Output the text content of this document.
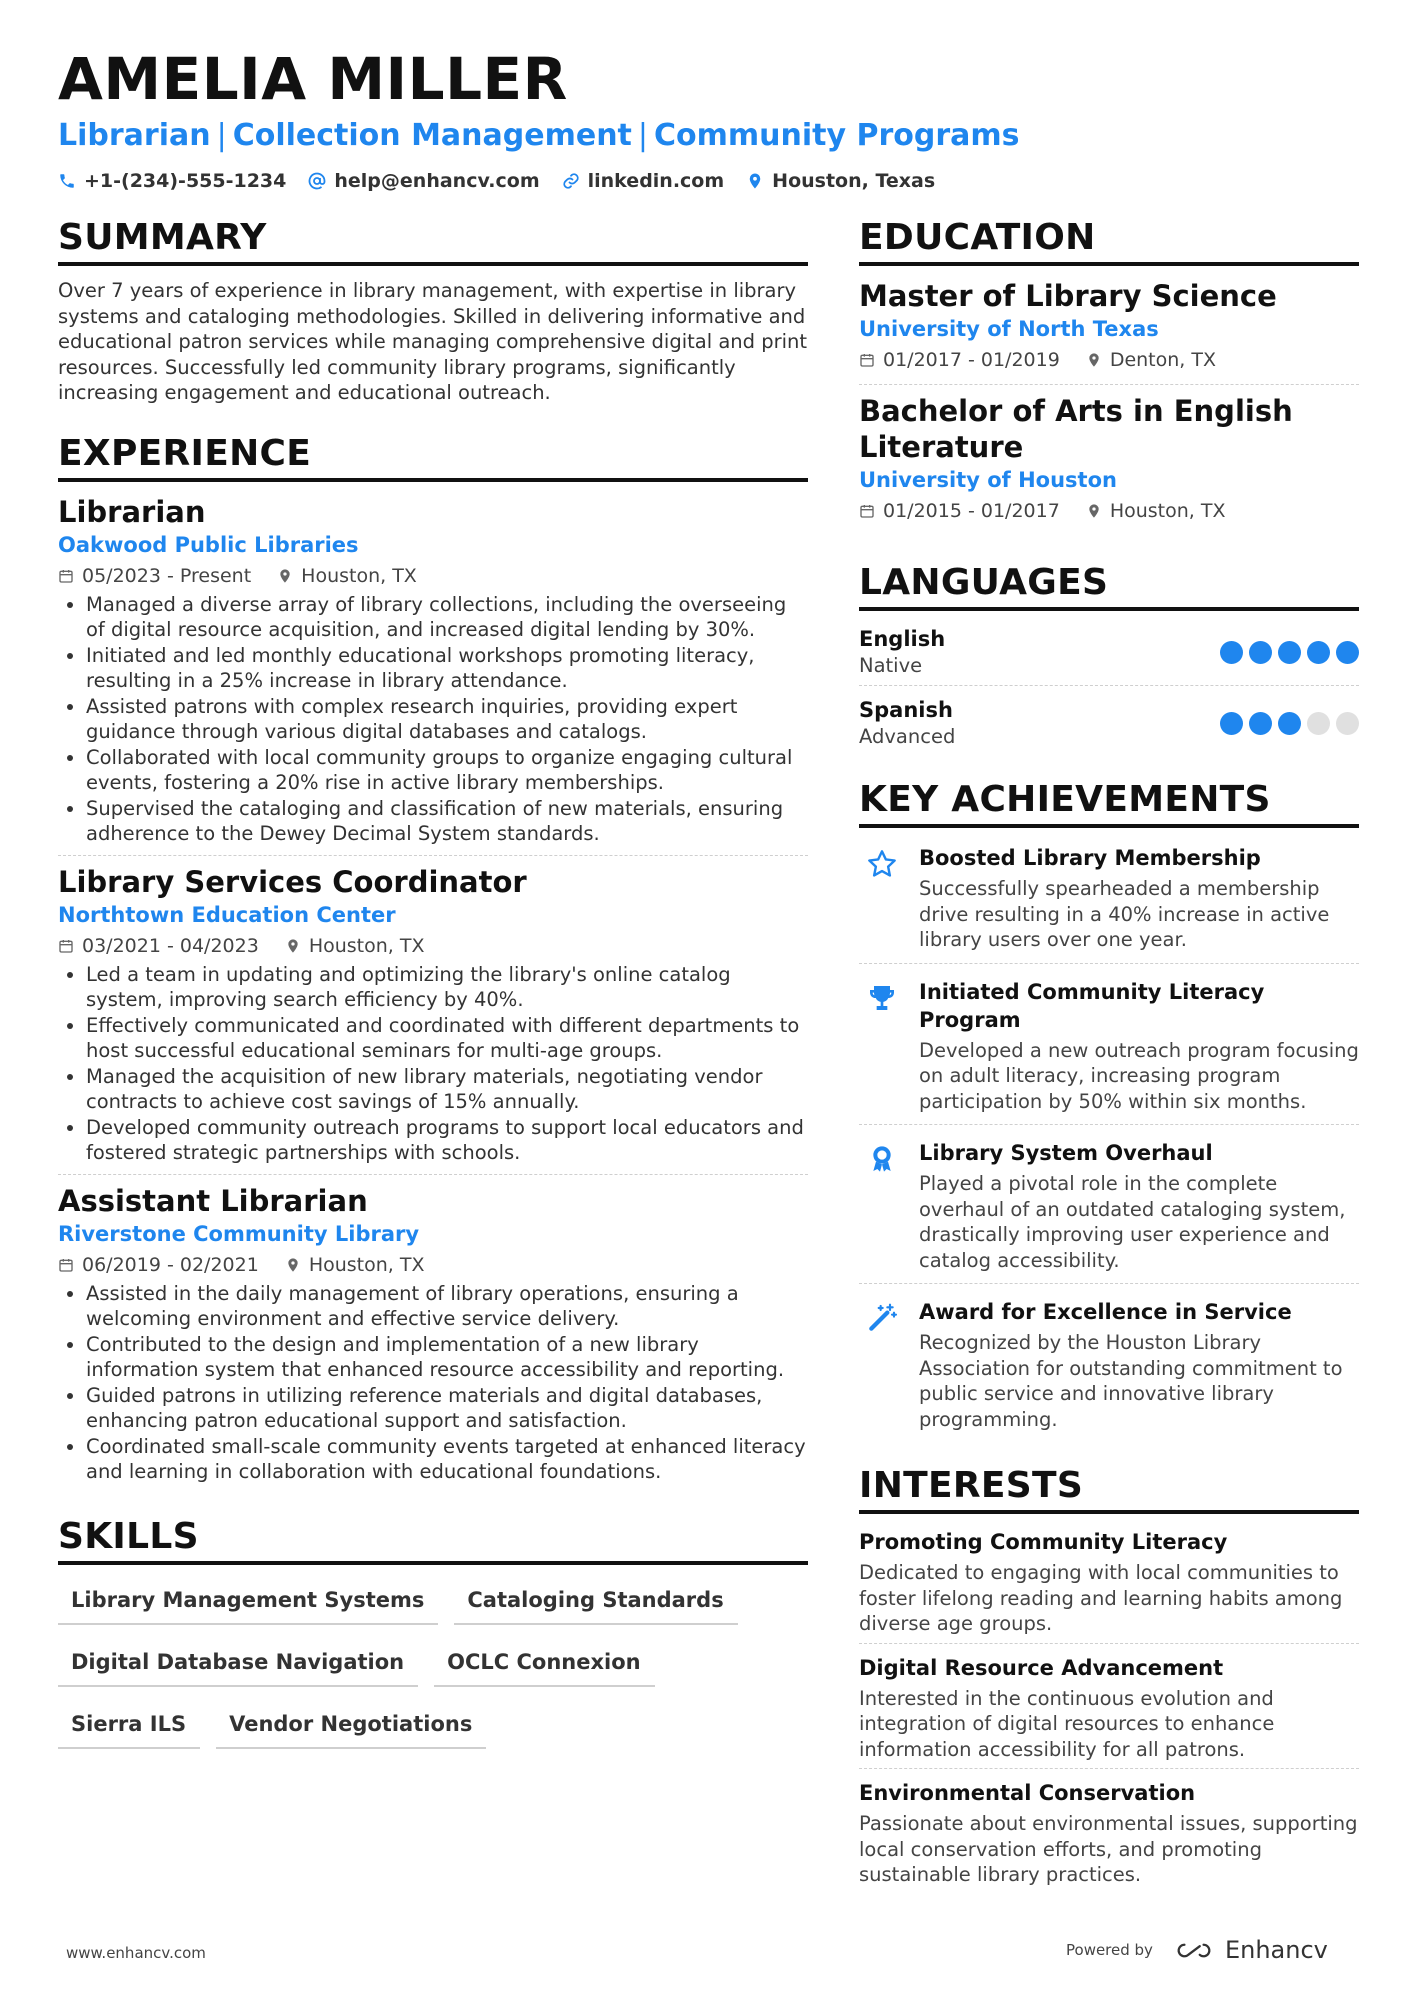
AMELIA MILLER
Librarian | Collection Management | Community Programs
+1-(234)-555-1234	help@enhancv.com	linkedin.com	Houston, Texas
SUMMARY

Over 7 years of experience in library management, with expertise in library systems and cataloging methodologies. Skilled in delivering informative and educational patron services while managing comprehensive digital and print resources. Successfully led community library programs, significantly increasing engagement and educational outreach.

EXPERIENCE
Librarian
Oakwood Public Libraries
05/2023 - Present	Houston, TX
• Managed a diverse array of library collections, including the overseeing of digital resource acquisition, and increased digital lending by 30%.
• Initiated and led monthly educational workshops promoting literacy, resulting in a 25% increase in library attendance.
• Assisted patrons with complex research inquiries, providing expert guidance through various digital databases and catalogs.
• Collaborated with local community groups to organize engaging cultural events, fostering a 20% rise in active library memberships.
• Supervised the cataloging and classification of new materials, ensuring adherence to the Dewey Decimal System standards.
Library Services Coordinator
Northtown Education Center
03/2021 - 04/2023	Houston, TX
• Led a team in updating and optimizing the library's online catalog system, improving search efficiency by 40%.
• Effectively communicated and coordinated with different departments to host successful educational seminars for multi-age groups.
• Managed the acquisition of new library materials, negotiating vendor contracts to achieve cost savings of 15% annually.
• Developed community outreach programs to support local educators and fostered strategic partnerships with schools.
Assistant Librarian
Riverstone Community Library
06/2019 - 02/2021	Houston, TX
• Assisted in the daily management of library operations, ensuring a welcoming environment and effective service delivery.
• Contributed to the design and implementation of a new library information system that enhanced resource accessibility and reporting.
• Guided patrons in utilizing reference materials and digital databases, enhancing patron educational support and satisfaction.
• Coordinated small-scale community events targeted at enhanced literacy and learning in collaboration with educational foundations.
SKILLS
Library Management Systems	Cataloging Standards
Digital Database Navigation	OCLC Connexion
Sierra ILS	Vendor Negotiations
EDUCATION
Master of Library Science
University of North Texas
01/2017 - 01/2019	Denton, TX
Bachelor of Arts in English Literature
University of Houston
01/2015 - 01/2017	Houston, TX
LANGUAGES
English
Native
Spanish
Advanced
KEY ACHIEVEMENTS
Boosted Library Membership
Successfully spearheaded a membership drive resulting in a 40% increase in active library users over one year.
Initiated Community Literacy Program
Developed a new outreach program focusing on adult literacy, increasing program participation by 50% within six months.
Library System Overhaul
Played a pivotal role in the complete overhaul of an outdated cataloging system, drastically improving user experience and catalog accessibility.
Award for Excellence in Service
Recognized by the Houston Library Association for outstanding commitment to public service and innovative library programming.
INTERESTS
Promoting Community Literacy
Dedicated to engaging with local communities to foster lifelong reading and learning habits among diverse age groups.
Digital Resource Advancement
Interested in the continuous evolution and integration of digital resources to enhance information accessibility for all patrons.
Environmental Conservation
Passionate about environmental issues, supporting local conservation efforts, and promoting sustainable library practices.
www.enhancv.com	Powered by	Enhancv
